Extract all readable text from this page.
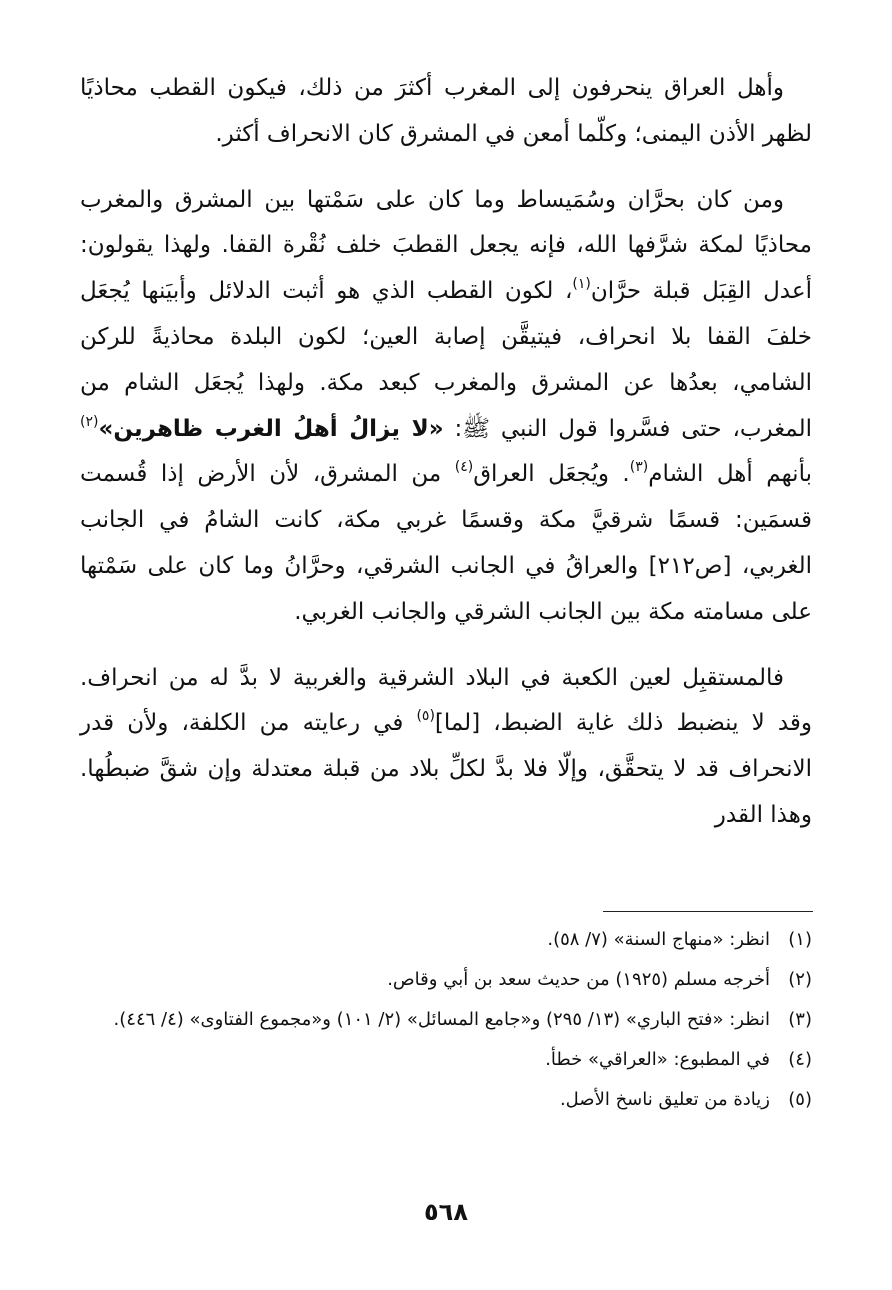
وأهل العراق ينحرفون إلى المغرب أكثرَ من ذلك، فيكون القطب محاذيًا لظهر الأذن اليمنى؛ وكلّما أمعن في المشرق كان الانحراف أكثر.

ومن كان بحرَّان وسُمَيساط وما كان على سَمْتها بين المشرق والمغرب محاذيًا لمكة شرَّفها الله، فإنه يجعل القطبَ خلف نُقْرة القفا. ولهذا يقولون: أعدل القِبَل قبلة حرَّان$^{(١)}$، لكون القطب الذي هو أثبت الدلائل وأبيَنها يُجعَل خلفَ القفا بلا انحراف، فيتيقَّن إصابة العين؛ لكون البلدة محاذيةً للركن الشامي، بعدُها عن المشرق والمغرب كبعد مكة. ولهذا يُجعَل الشام من المغرب، حتى فسَّروا قول النبي ﷺ: «لا يزالُ أهلُ الغرب ظاهرين»$^{(٢)}$ بأنهم أهل الشام$^{(٣)}$. ويُجعَل العراق$^{(٤)}$ من المشرق، لأن الأرض إذا قُسمت قسمَين: قسمًا شرقيَّ مكة وقسمًا غربي مكة، كانت الشامُ في الجانب الغربي، [ص٢١٢] والعراقُ في الجانب الشرقي، وحرَّانُ وما كان على سَمْتها على مسامته مكة بين الجانب الشرقي والجانب الغربي.

فالمستقبِل لعين الكعبة في البلاد الشرقية والغربية لا بدَّ له من انحراف. وقد لا ينضبط ذلك غاية الضبط، [لما]$^{(٥)}$ في رعايته من الكلفة، ولأن قدر الانحراف قد لا يتحقَّق، وإلّا فلا بدَّ لكلِّ بلاد من قبلة معتدلة وإن شقَّ ضبطُها. وهذا القدر

(١)
انظر: «منهاج السنة» (٧/ ٥٨).
(٢)
أخرجه مسلم (١٩٢٥) من حديث سعد بن أبي وقاص.
(٣)
انظر: «فتح الباري» (١٣/ ٢٩٥) و«جامع المسائل» (٢/ ١٠١) و«مجموع الفتاوى» (٤/ ٤٤٦).
(٤)
في المطبوع: «العراقي» خطأ.
(٥)
زيادة من تعليق ناسخ الأصل.
٥٦٨
